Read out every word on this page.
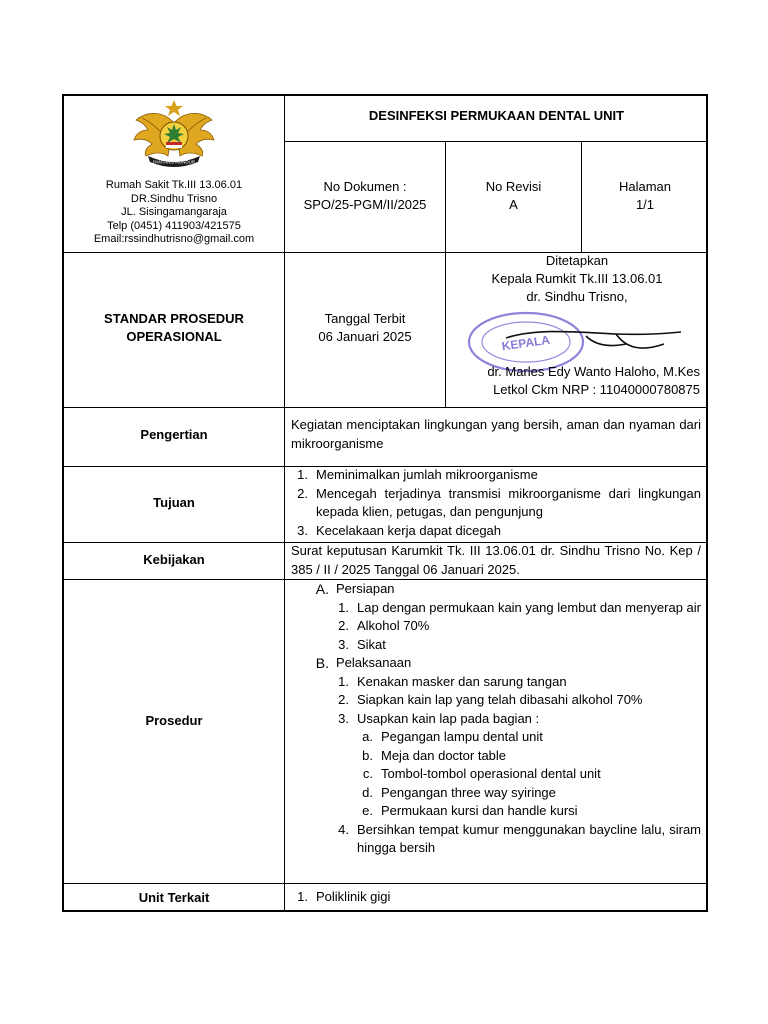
PANTANG MUNDUR
Rumah Sakit Tk.III 13.06.01
DR.Sindhu Trisno
JL. Sisingamangaraja
Telp (0451) 411903/421575
Email:rssindhutrisno@gmail.com
DESINFEKSI PERMUKAAN DENTAL UNIT
No Dokumen :
SPO/25-PGM/II/2025
No Revisi
A
Halaman
1/1
STANDAR PROSEDUR OPERASIONAL
Tanggal Terbit
06 Januari 2025
Ditetapkan
Kepala Rumkit Tk.III 13.06.01
dr. Sindhu Trisno,
KEPALA
dr. Marles Edy Wanto Haloho, M.Kes
Letkol Ckm NRP : 11040000780875
Pengertian
Kegiatan menciptakan lingkungan yang bersih, aman dan nyaman dari mikroorganisme
Tujuan
1. Meminimalkan jumlah mikroorganisme
2. Mencegah terjadinya transmisi mikroorganisme dari lingkungan kepada klien, petugas, dan pengunjung
3. Kecelakaan kerja dapat dicegah
Kebijakan
Surat keputusan Karumkit Tk. III 13.06.01 dr. Sindhu Trisno No. Kep / 385 / II / 2025 Tanggal 06 Januari 2025.
Prosedur
A. Persiapan
1. Lap dengan permukaan kain yang lembut dan menyerap air
2. Alkohol 70%
3. Sikat
B. Pelaksanaan
1. Kenakan masker dan sarung tangan
2. Siapkan kain lap yang telah dibasahi alkohol 70%
3. Usapkan kain lap pada bagian :
a. Pegangan lampu dental unit
b. Meja dan doctor table
c. Tombol-tombol operasional dental unit
d. Pengangan three way syiringe
e. Permukaan kursi dan handle kursi
4. Bersihkan tempat kumur menggunakan baycline lalu, siram hingga bersih
Unit Terkait	1. Poliklinik gigi
